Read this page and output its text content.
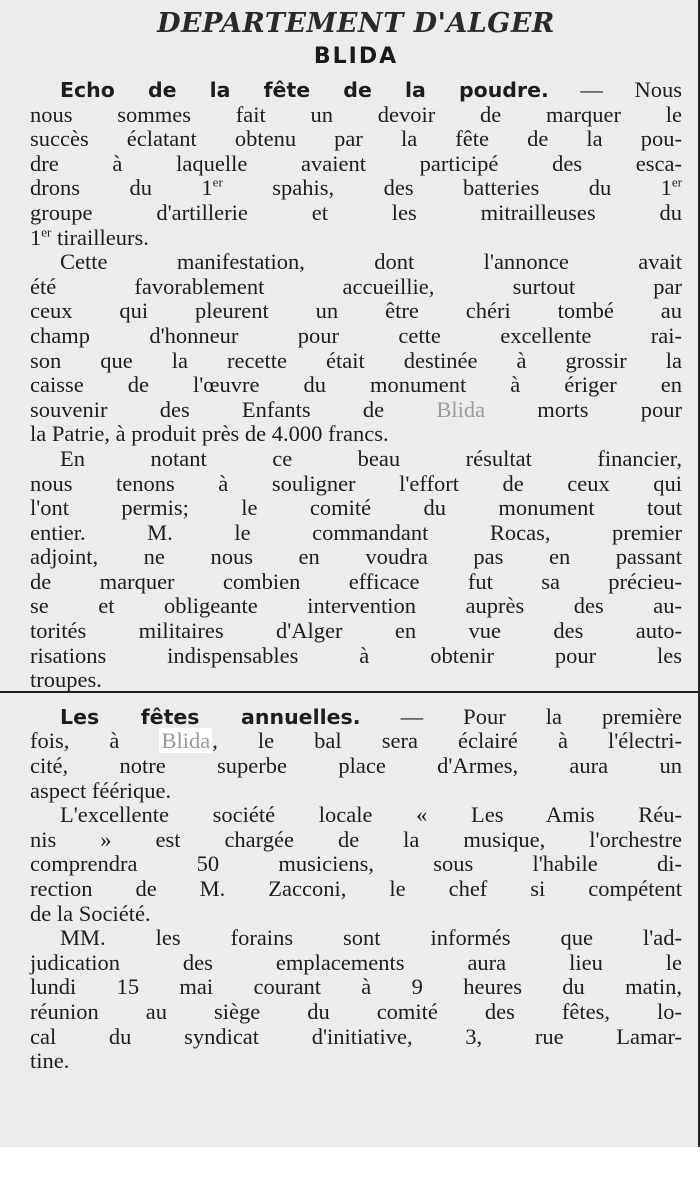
DEPARTEMENT D'ALGER
BLIDA
Echo de la fête de la poudre. — Nous
nous sommes fait un devoir de marquer le
succès éclatant obtenu par la fête de la pou-
dre à laquelle avaient participé des esca-
drons du 1er spahis, des batteries du 1er
groupe d'artillerie et les mitrailleuses du
1er tirailleurs.
Cette manifestation, dont l'annonce avait
été favorablement accueillie, surtout par
ceux qui pleurent un être chéri tombé au
champ d'honneur pour cette excellente rai-
son que la recette était destinée à grossir la
caisse de l'œuvre du monument à ériger en
souvenir des Enfants de Blida morts pour
la Patrie, à produit près de 4.000 francs.
En notant ce beau résultat financier,
nous tenons à souligner l'effort de ceux qui
l'ont permis; le comité du monument tout
entier. M. le commandant Rocas, premier
adjoint, ne nous en voudra pas en passant
de marquer combien efficace fut sa précieu-
se et obligeante intervention auprès des au-
torités militaires d'Alger en vue des auto-
risations indispensables à obtenir pour les
troupes.
Les fêtes annuelles. — Pour la première
fois, à Blida, le bal sera éclairé à l'électri-
cité, notre superbe place d'Armes, aura un
aspect féérique.
L'excellente société locale « Les Amis Réu-
nis » est chargée de la musique, l'orchestre
comprendra 50 musiciens, sous l'habile di-
rection de M. Zacconi, le chef si compétent
de la Société.
MM. les forains sont informés que l'ad-
judication des emplacements aura lieu le
lundi 15 mai courant à 9 heures du matin,
réunion au siège du comité des fêtes, lo-
cal du syndicat d'initiative, 3, rue Lamar-
tine.
